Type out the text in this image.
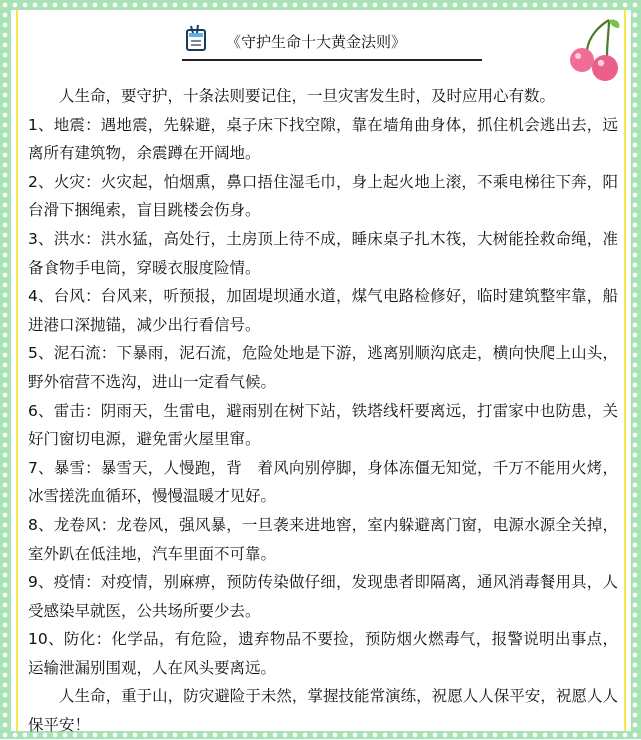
《守护生命十大黄金法则》

人生命，要守护，十条法则要记住，一旦灾害发生时，及时应用心有数。

1、地震：遇地震，先躲避，桌子床下找空隙，靠在墙角曲身体，抓住机会逃出去，远离所有建筑物，余震蹲在开阔地。

2、火灾：火灾起，怕烟熏，鼻口捂住湿毛巾，身上起火地上滚，不乘电梯往下奔，阳台滑下捆绳索，盲目跳楼会伤身。

3、洪水：洪水猛，高处行，土房顶上待不成，睡床桌子扎木筏，大树能拴救命绳，准备食物手电筒，穿暖衣服度险情。

4、台风：台风来，听预报，加固堤坝通水道，煤气电路检修好，临时建筑整牢靠，船进港口深抛锚，减少出行看信号。

5、泥石流：下暴雨，泥石流，危险处地是下游，逃离别顺沟底走，横向快爬上山头，野外宿营不选沟，进山一定看气候。

6、雷击：阴雨天，生雷电，避雨别在树下站，铁塔线杆要离远，打雷家中也防患，关好门窗切电源，避免雷火屋里窜。

7、暴雪：暴雪天，人慢跑，背　着风向别停脚，身体冻僵无知觉，千万不能用火烤，冰雪搓洗血循环，慢慢温暖才见好。

8、龙卷风：龙卷风，强风暴，一旦袭来进地窖，室内躲避离门窗，电源水源全关掉，室外趴在低洼地，汽车里面不可靠。

9、疫情：对疫情，别麻痹，预防传染做仔细，发现患者即隔离，通风消毒餐用具，人受感染早就医，公共场所要少去。

10、防化：化学品，有危险，遗弃物品不要捡，预防烟火燃毒气，报警说明出事点，运输泄漏别围观，人在风头要离远。

人生命，重于山，防灾避险于未然，掌握技能常演练，祝愿人人保平安，祝愿人人保平安！
